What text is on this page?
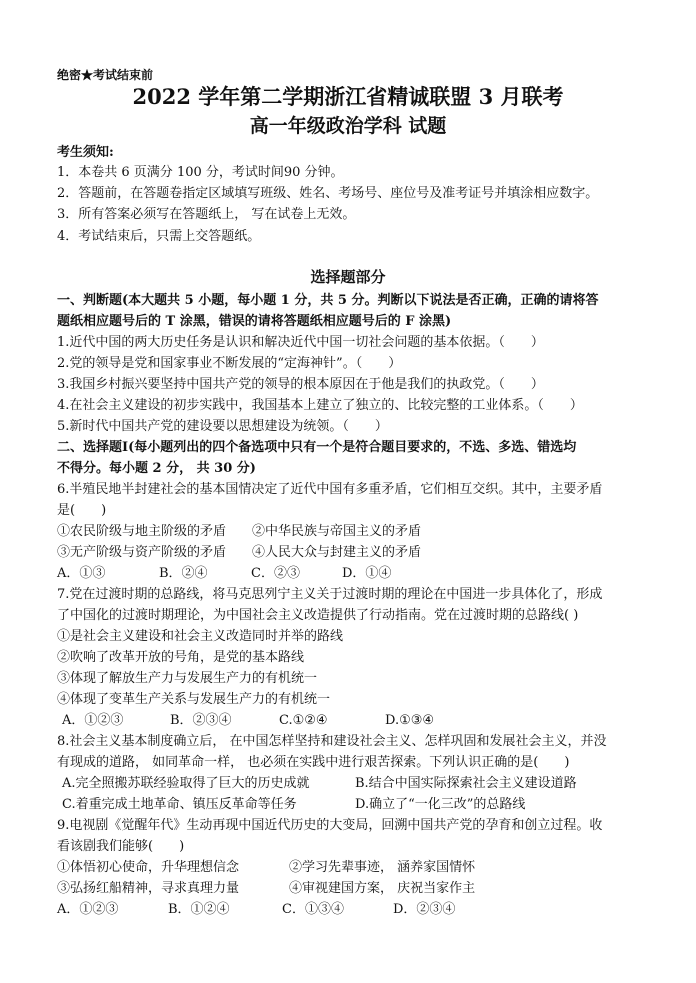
绝密★考试结束前
2022 学年第二学期浙江省精诚联盟 3 月联考
高一年级政治学科 试题
考生须知:
1．本卷共 6 页满分 100 分，考试时间90 分钟。
2．答题前，在答题卷指定区域填写班级、姓名、考场号、座位号及准考证号并填涂相应数字。
3．所有答案必须写在答题纸上， 写在试卷上无效。
4．考试结束后，只需上交答题纸。
选择题部分
一、判断题(本大题共 5 小题，每小题 1 分，共 5 分。判断以下说法是否正确，正确的请将答
题纸相应题号后的 T 涂黑，错误的请将答题纸相应题号后的 F 涂黑)
1.近代中国的两大历史任务是认识和解决近代中国一切社会问题的基本依据。（　　）
2.党的领导是党和国家事业不断发展的“定海神针”。（　　）
3.我国乡村振兴要坚持中国共产党的领导的根本原因在于他是我们的执政党。（　　）
4.在社会主义建设的初步实践中，我国基本上建立了独立的、比较完整的工业体系。（　　）
5.新时代中国共产党的建设要以思想建设为统领。（　　）
二、选择题Ⅰ(每小题列出的四个备选项中只有一个是符合题目要求的，不选、多选、错选均
不得分。每小题 2 分， 共 30 分)
6.半殖民地半封建社会的基本国情决定了近代中国有多重矛盾，它们相互交织。其中，主要矛盾
是(　　)
①农民阶级与地主阶级的矛盾 ②中华民族与帝国主义的矛盾
③无产阶级与资产阶级的矛盾 ④人民大众与封建主义的矛盾
A．①③	B．②④	C．②③	D．①④
7.党在过渡时期的总路线，将马克思列宁主义关于过渡时期的理论在中国进一步具体化了，形成
了中国化的过渡时期理论，为中国社会主义改造提供了行动指南。党在过渡时期的总路线( )
①是社会主义建设和社会主义改造同时并举的路线
②吹响了改革开放的号角，是党的基本路线
③体现了解放生产力与发展生产力的有机统一
④体现了变革生产关系与发展生产力的有机统一
A．①②③	B．②③④	C.①②④	D.①③④
8.社会主义基本制度确立后， 在中国怎样坚持和建设社会主义、怎样巩固和发展社会主义，并没
有现成的道路， 如同革命一样， 也必须在实践中进行艰苦探索。下列认识正确的是(　　)
A.完全照搬苏联经验取得了巨大的历史成就	B.结合中国实际探索社会主义建设道路
C.着重完成土地革命、镇压反革命等任务	D.确立了“一化三改”的总路线
9.电视剧《觉醒年代》生动再现中国近代历史的大变局，回溯中国共产党的孕育和创立过程。收
看该剧我们能够(　　)
①体悟初心使命，升华理想信念	②学习先辈事迹， 涵养家国情怀
③弘扬红船精神，寻求真理力量	④审视建国方案， 庆祝当家作主
A．①②③	B．①②④	C．①③④	D．②③④
